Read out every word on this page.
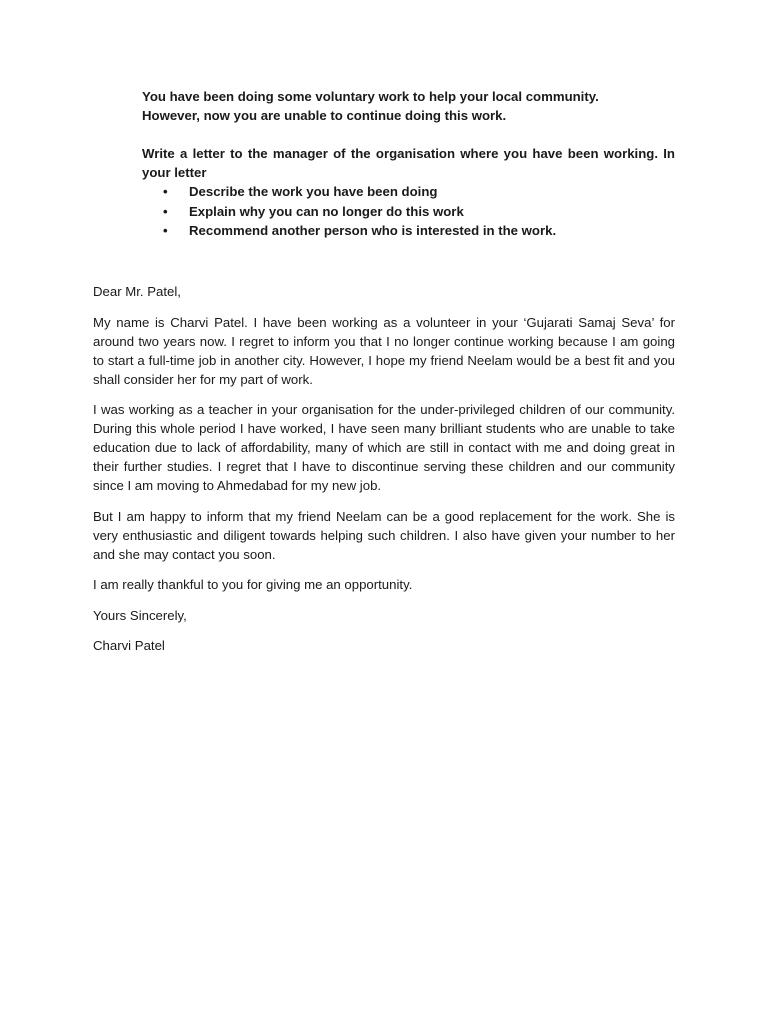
You have been doing some voluntary work to help your local community.

However, now you are unable to continue doing this work.

Write a letter to the manager of the organisation where you have been working. In your letter

• Describe the work you have been doing
• Explain why you can no longer do this work
• Recommend another person who is interested in the work.

Dear Mr. Patel,

My name is Charvi Patel. I have been working as a volunteer in your ‘Gujarati Samaj Seva’ for around two years now. I regret to inform you that I no longer continue working because I am going to start a full-time job in another city. However, I hope my friend Neelam would be a best fit and you shall consider her for my part of work.

I was working as a teacher in your organisation for the under-privileged children of our community. During this whole period I have worked, I have seen many brilliant students who are unable to take education due to lack of affordability, many of which are still in contact with me and doing great in their further studies. I regret that I have to discontinue serving these children and our community since I am moving to Ahmedabad for my new job.

But I am happy to inform that my friend Neelam can be a good replacement for the work. She is very enthusiastic and diligent towards helping such children. I also have given your number to her and she may contact you soon.

I am really thankful to you for giving me an opportunity.

Yours Sincerely,

Charvi Patel
